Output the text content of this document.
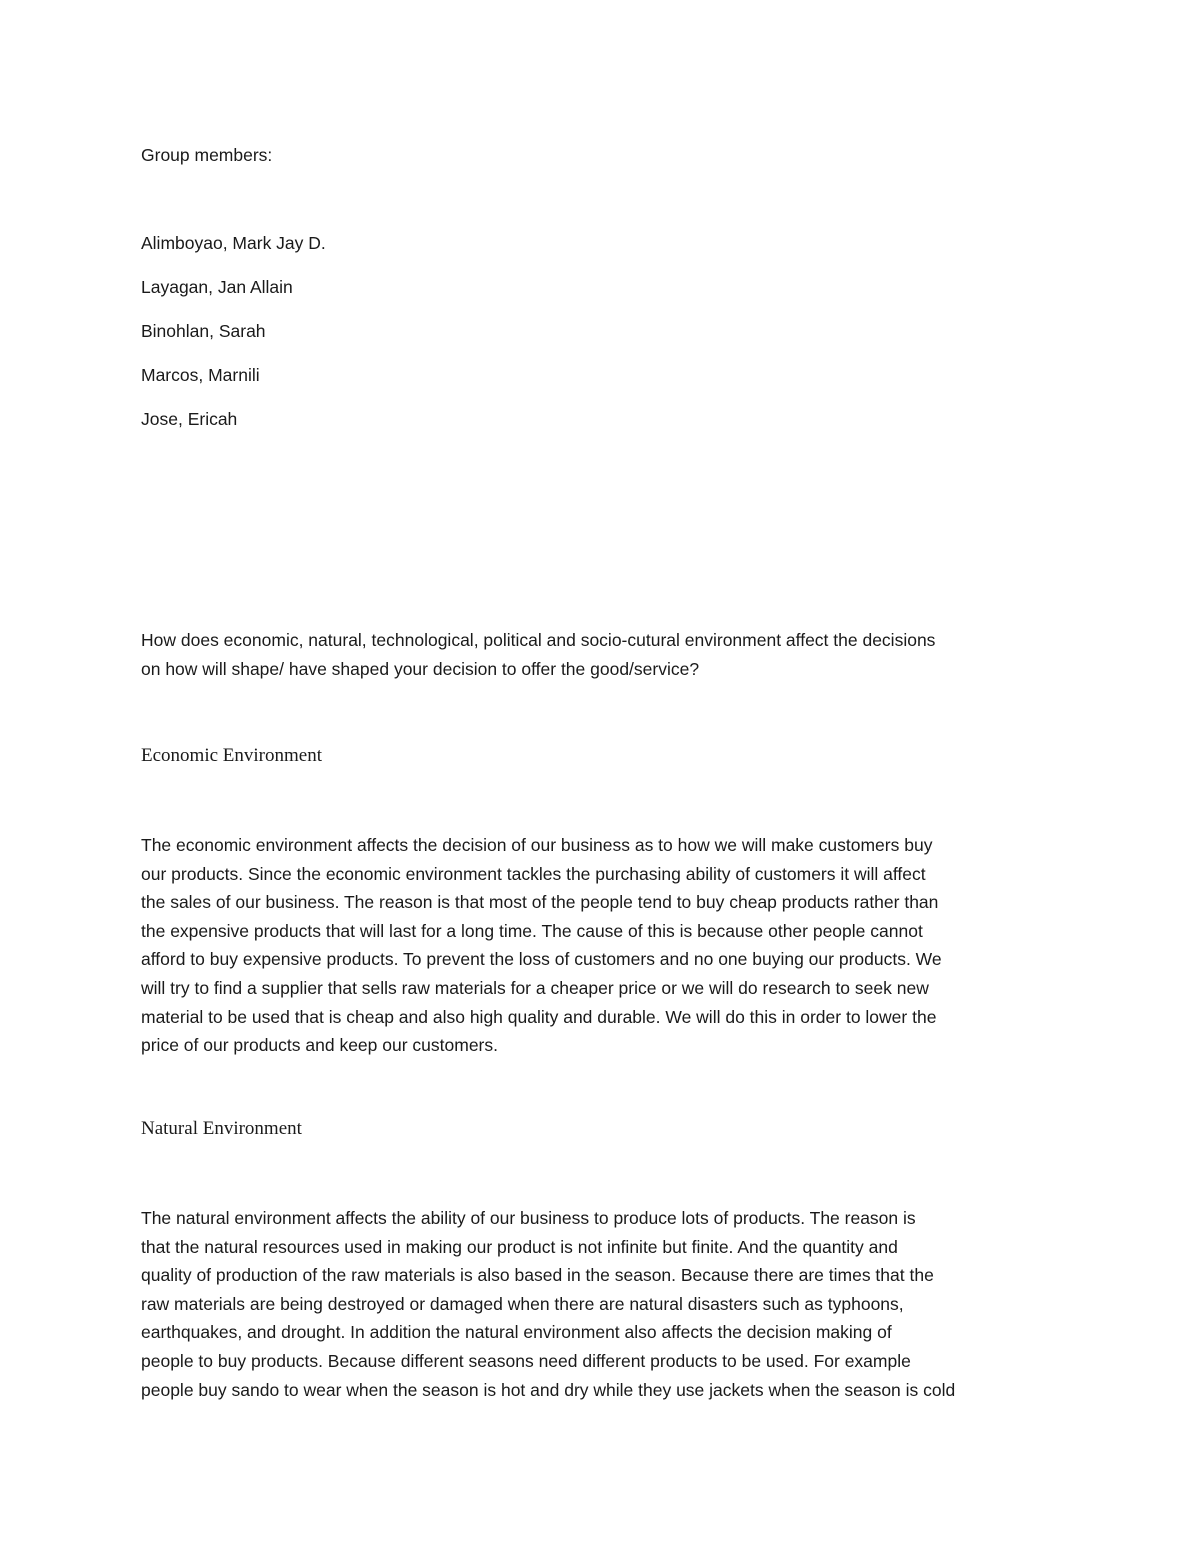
Group members:
Alimboyao, Mark Jay D.
Layagan, Jan Allain
Binohlan, Sarah
Marcos, Marnili
Jose, Ericah
How does economic, natural, technological, political and socio-cutural environment affect the decisions
on how will shape/ have shaped your decision to offer the good/service?
Economic Environment
The economic environment affects the decision of our business as to how we will make customers buy
our products. Since the economic environment tackles the purchasing ability of customers it will affect
the sales of our business. The reason is that most of the people tend to buy cheap products rather than
the expensive products that will last for a long time. The cause of this is because other people cannot
afford to buy expensive products. To prevent the loss of customers and no one buying our products. We
will try to find a supplier that sells raw materials for a cheaper price or we will do research to seek new
material to be used that is cheap and also high quality and durable. We will do this in order to lower the
price of our products and keep our customers.
Natural Environment
The natural environment affects the ability of our business to produce lots of products. The reason is
that the natural resources used in making our product is not infinite but finite. And the quantity and
quality of production of the raw materials is also based in the season. Because there are times that the
raw materials are being destroyed or damaged when there are natural disasters such as typhoons,
earthquakes, and drought. In addition the natural environment also affects the decision making of
people to buy products. Because different seasons need different products to be used. For example
people buy sando to wear when the season is hot and dry while they use jackets when the season is cold
